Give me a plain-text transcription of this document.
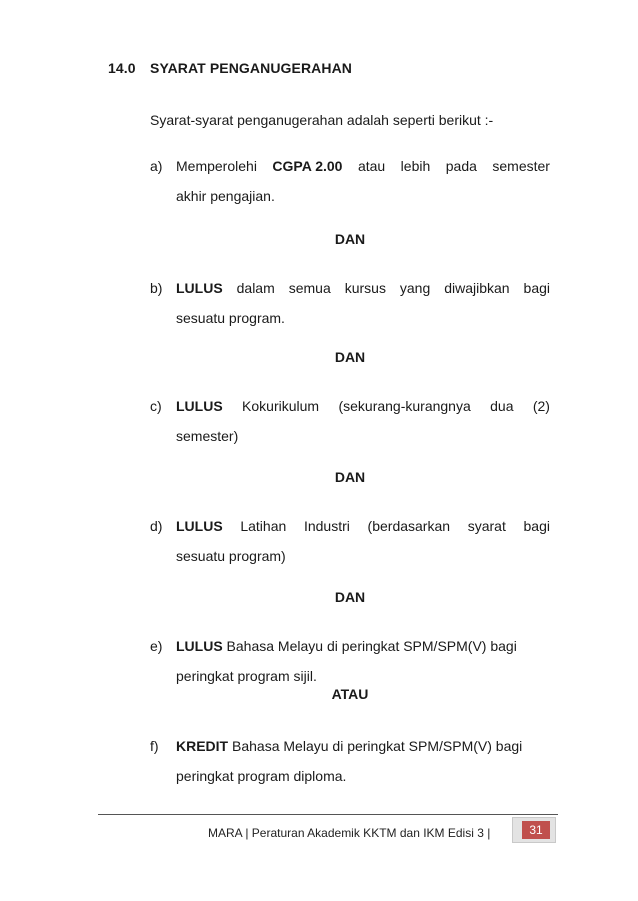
14.0 SYARAT PENGANUGERAHAN
Syarat-syarat penganugerahan adalah seperti berikut :-
a) Memperolehi CGPA 2.00 atau lebih pada semester
akhir pengajian.
DAN
b) LULUS dalam semua kursus yang diwajibkan bagi
sesuatu program.
DAN
c) LULUS Kokurikulum (sekurang-kurangnya dua (2)
semester)
DAN
d) LULUS Latihan Industri (berdasarkan syarat bagi
sesuatu program)
DAN
e) LULUS Bahasa Melayu di peringkat SPM/SPM(V) bagi
peringkat program sijil.
ATAU
f) KREDIT Bahasa Melayu di peringkat SPM/SPM(V) bagi
peringkat program diploma.
MARA | Peraturan Akademik KKTM dan IKM Edisi 3 |	31
